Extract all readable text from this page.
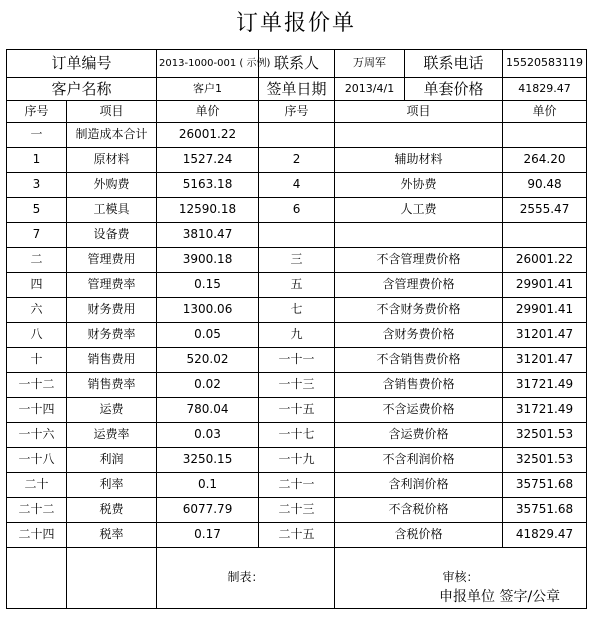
订单报价单
订单编号		2013-1000-001 ( 示例)	联系人	万周军	联系电话	15520583119
客户名称		客户1	签单日期	2013/4/1	单套价格	41829.47
序号	项目	单价	序号	项目		单价
一	制造成本合计	26001.22				
1	原材料	1527.24	2	辅助材料		264.20
3	外购费	5163.18	4	外协费		90.48
5	工模具	12590.18	6	人工费		2555.47
7	设备费	3810.47				
二	管理费用	3900.18	三	不含管理费价格		26001.22
四	管理费率	0.15	五	含管理费价格		29901.41
六	财务费用	1300.06	七	不含财务费价格		29901.41
八	财务费率	0.05	九	含财务费价格		31201.47
十	销售费用	520.02	一十一	不含销售费价格		31201.47
一十二	销售费率	0.02	一十三	含销售费价格		31721.49
一十四	运费	780.04	一十五	不含运费价格		31721.49
一十六	运费率	0.03	一十七	含运费价格		32501.53
一十八	利润	3250.15	一十九	不含利润价格		32501.53
二十	利率	0.1	二十一	含利润价格		35751.68
二十二	税费	6077.79	二十三	不含税价格		35751.68
二十四	税率	0.17	二十五	含税价格		41829.47
		制表：		审核：		
申报单位 签字/公章
